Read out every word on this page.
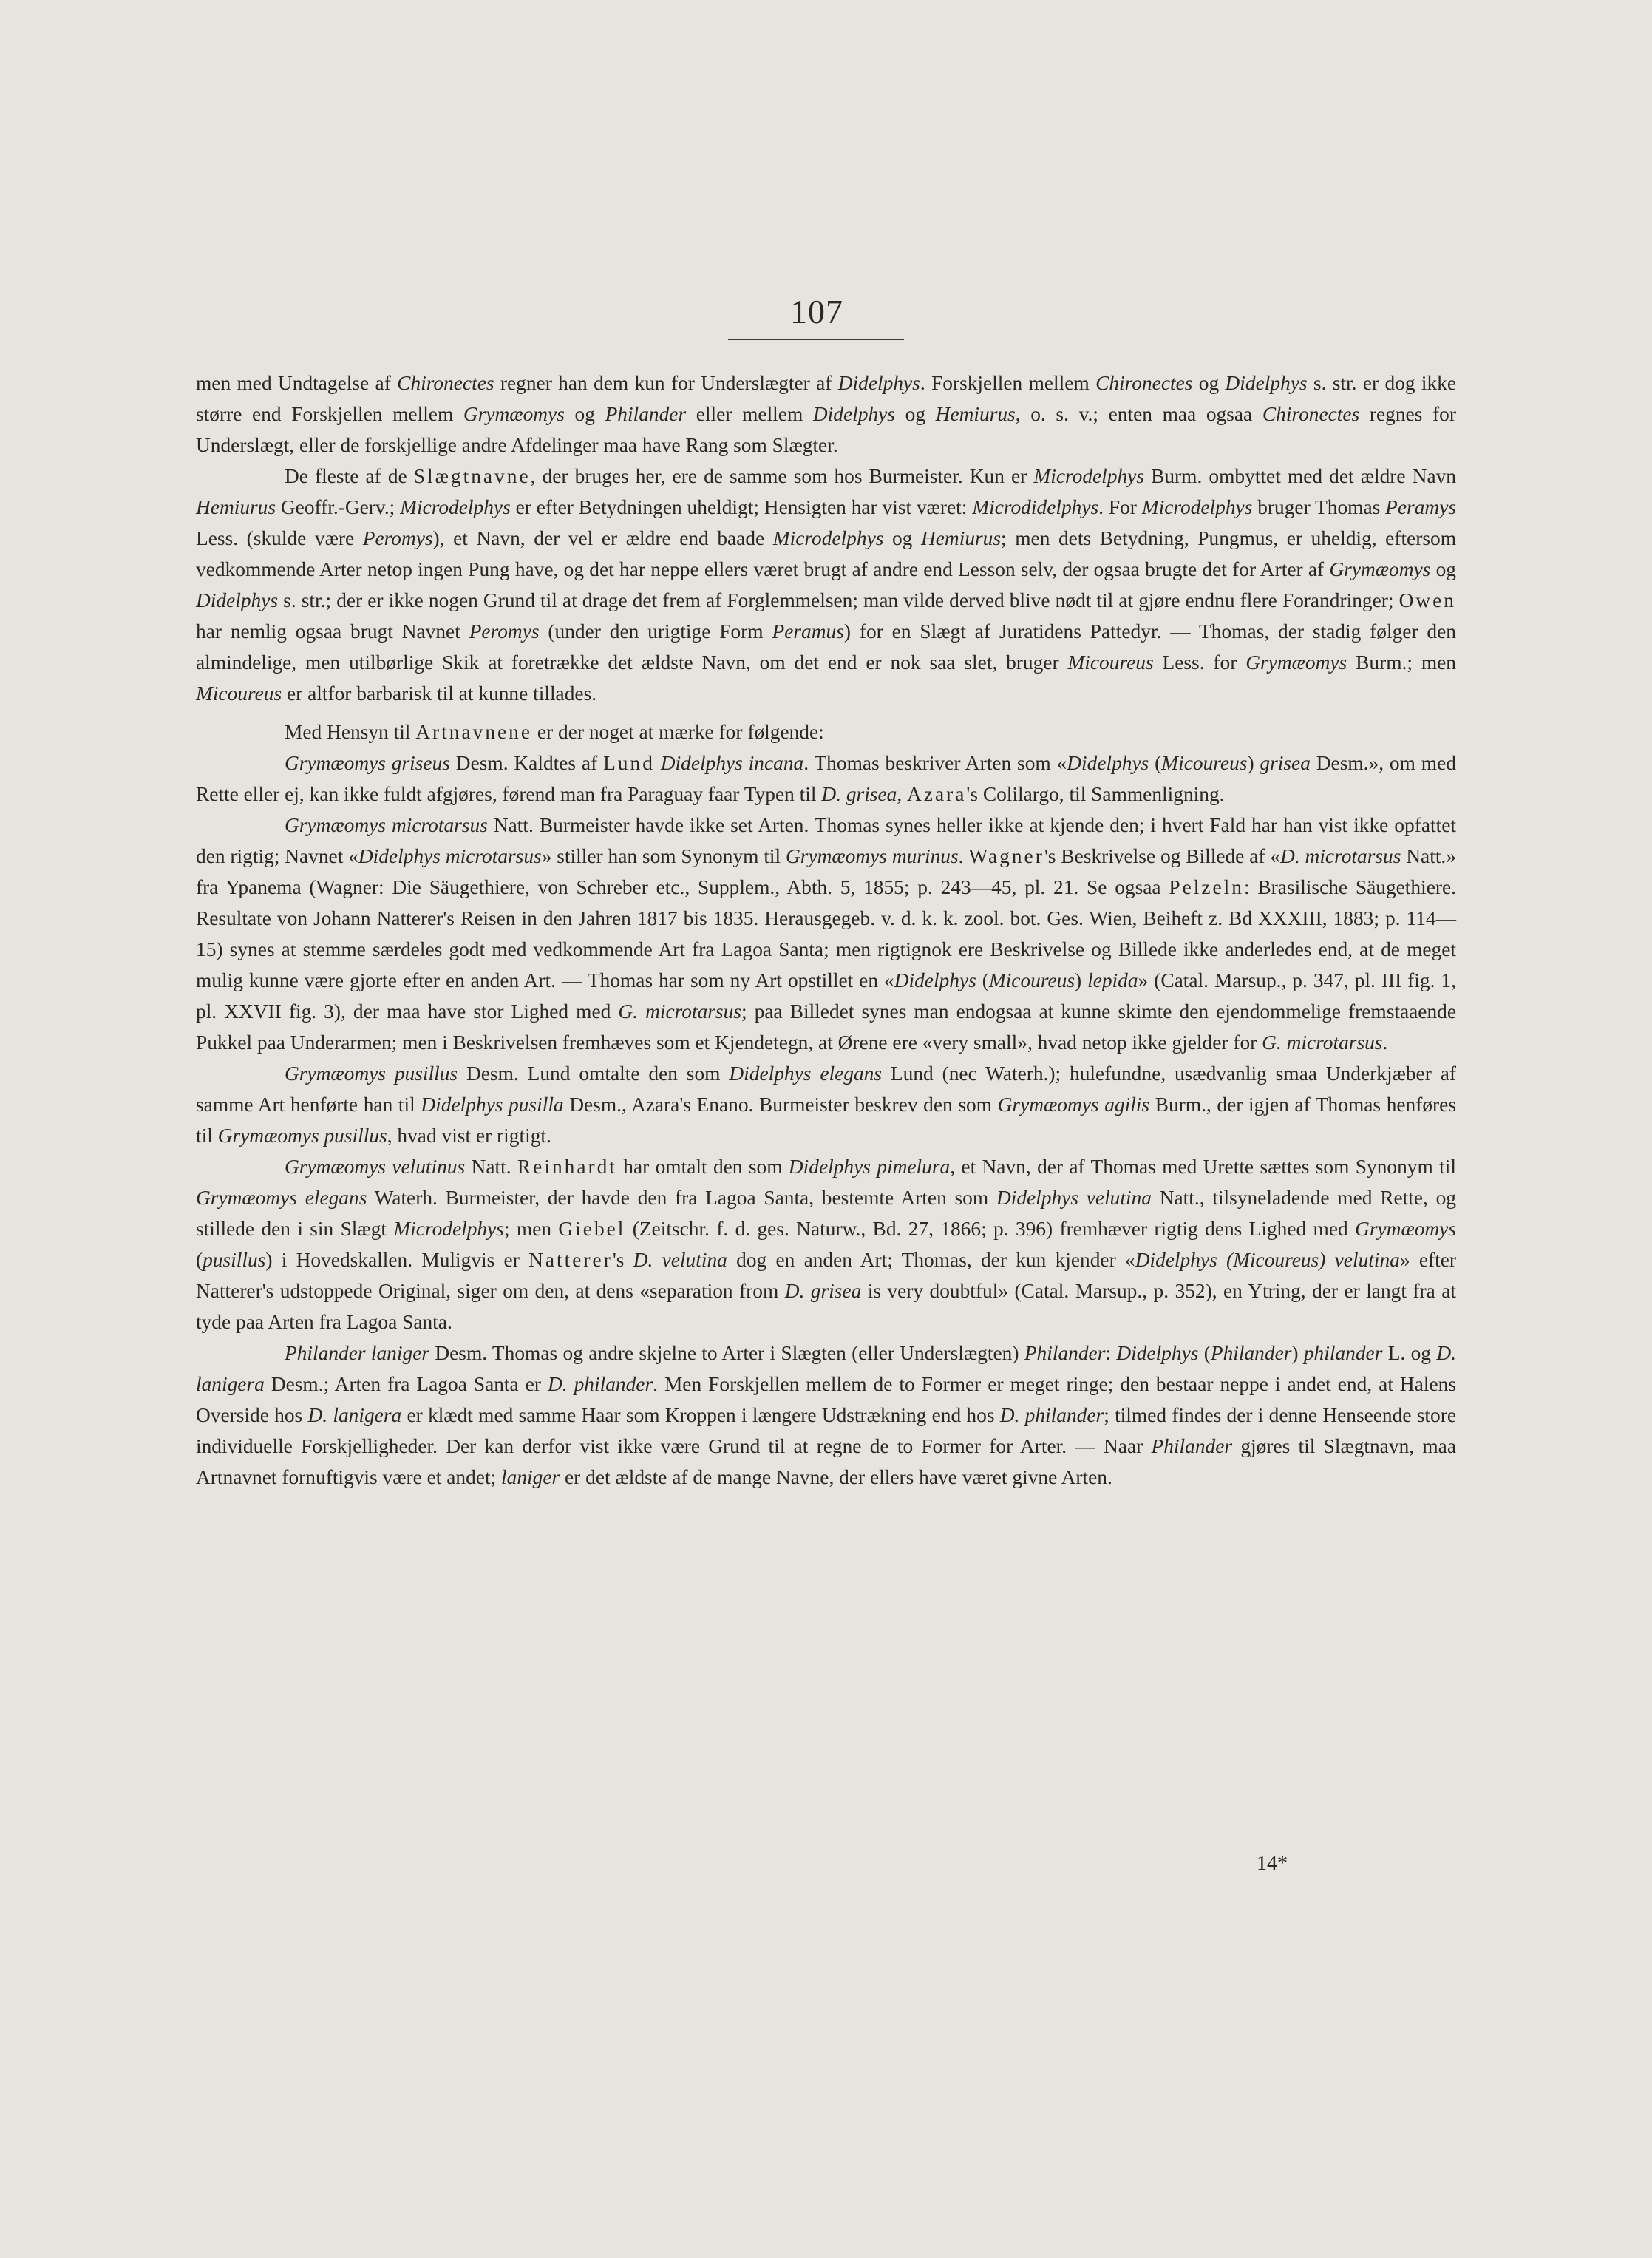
107

men med Undtagelse af Chironectes regner han dem kun for Underslægter af Didelphys. Forskjellen mellem Chironectes og Didelphys s. str. er dog ikke større end Forskjellen mellem Grymæomys og Philander eller mellem Didelphys og Hemiurus, o. s. v.; enten maa ogsaa Chironectes regnes for Underslægt, eller de forskjellige andre Afdelinger maa have Rang som Slægter.

De fleste af de Slægtnavne, der bruges her, ere de samme som hos Burmeister. Kun er Microdelphys Burm. ombyttet med det ældre Navn Hemiurus Geoffr.-Gerv.; Microdelphys er efter Betydningen uheldigt; Hensigten har vist været: Microdidelphys. For Microdelphys bruger Thomas Peramys Less. (skulde være Peromys), et Navn, der vel er ældre end baade Microdelphys og Hemiurus; men dets Betydning, Pungmus, er uheldig, eftersom vedkommende Arter netop ingen Pung have, og det har neppe ellers været brugt af andre end Lesson selv, der ogsaa brugte det for Arter af Grymæomys og Didelphys s. str.; der er ikke nogen Grund til at drage det frem af Forglemmelsen; man vilde derved blive nødt til at gjøre endnu flere Forandringer; Owen har nemlig ogsaa brugt Navnet Peromys (under den urigtige Form Peramus) for en Slægt af Juratidens Pattedyr. — Thomas, der stadig følger den almindelige, men utilbørlige Skik at foretrække det ældste Navn, om det end er nok saa slet, bruger Micoureus Less. for Grymæomys Burm.; men Micoureus er altfor barbarisk til at kunne tillades.

Med Hensyn til Artnavnene er der noget at mærke for følgende:

Grymæomys griseus Desm. Kaldtes af Lund Didelphys incana. Thomas beskriver Arten som «Didelphys (Micoureus) grisea Desm.», om med Rette eller ej, kan ikke fuldt afgjøres, førend man fra Paraguay faar Typen til D. grisea, Azara's Colilargo, til Sammenligning.

Grymæomys microtarsus Natt. Burmeister havde ikke set Arten. Thomas synes heller ikke at kjende den; i hvert Fald har han vist ikke opfattet den rigtig; Navnet «Didelphys microtarsus» stiller han som Synonym til Grymæomys murinus. Wagner's Beskrivelse og Billede af «D. microtarsus Natt.» fra Ypanema (Wagner: Die Säugethiere, von Schreber etc., Supplem., Abth. 5, 1855; p. 243—45, pl. 21. Se ogsaa Pelzeln: Brasilische Säugethiere. Resultate von Johann Natterer's Reisen in den Jahren 1817 bis 1835. Herausgegeb. v. d. k. k. zool. bot. Ges. Wien, Beiheft z. Bd XXXIII, 1883; p. 114—15) synes at stemme særdeles godt med vedkommende Art fra Lagoa Santa; men rigtignok ere Beskrivelse og Billede ikke anderledes end, at de meget mulig kunne være gjorte efter en anden Art. — Thomas har som ny Art opstillet en «Didelphys (Micoureus) lepida» (Catal. Marsup., p. 347, pl. III fig. 1, pl. XXVII fig. 3), der maa have stor Lighed med G. microtarsus; paa Billedet synes man endogsaa at kunne skimte den ejendommelige fremstaaende Pukkel paa Underarmen; men i Beskrivelsen fremhæves som et Kjendetegn, at Ørene ere «very small», hvad netop ikke gjelder for G. microtarsus.

Grymæomys pusillus Desm. Lund omtalte den som Didelphys elegans Lund (nec Waterh.); hulefundne, usædvanlig smaa Underkjæber af samme Art henførte han til Didelphys pusilla Desm., Azara's Enano. Burmeister beskrev den som Grymæomys agilis Burm., der igjen af Thomas henføres til Grymæomys pusillus, hvad vist er rigtigt.

Grymæomys velutinus Natt. Reinhardt har omtalt den som Didelphys pimelura, et Navn, der af Thomas med Urette sættes som Synonym til Grymæomys elegans Waterh. Burmeister, der havde den fra Lagoa Santa, bestemte Arten som Didelphys velutina Natt., tilsyneladende med Rette, og stillede den i sin Slægt Microdelphys; men Giebel (Zeitschr. f. d. ges. Naturw., Bd. 27, 1866; p. 396) fremhæver rigtig dens Lighed med Grymæomys (pusillus) i Hovedskallen. Muligvis er Natterer's D. velutina dog en anden Art; Thomas, der kun kjender «Didelphys (Micoureus) velutina» efter Natterer's udstoppede Original, siger om den, at dens «separation from D. grisea is very doubtful» (Catal. Marsup., p. 352), en Ytring, der er langt fra at tyde paa Arten fra Lagoa Santa.

Philander laniger Desm. Thomas og andre skjelne to Arter i Slægten (eller Underslægten) Philander: Didelphys (Philander) philander L. og D. lanigera Desm.; Arten fra Lagoa Santa er D. philander. Men Forskjellen mellem de to Former er meget ringe; den bestaar neppe i andet end, at Halens Overside hos D. lanigera er klædt med samme Haar som Kroppen i længere Udstrækning end hos D. philander; tilmed findes der i denne Henseende store individuelle Forskjelligheder. Der kan derfor vist ikke være Grund til at regne de to Former for Arter. — Naar Philander gjøres til Slægtnavn, maa Artnavnet fornuftigvis være et andet; laniger er det ældste af de mange Navne, der ellers have været givne Arten.

14*
